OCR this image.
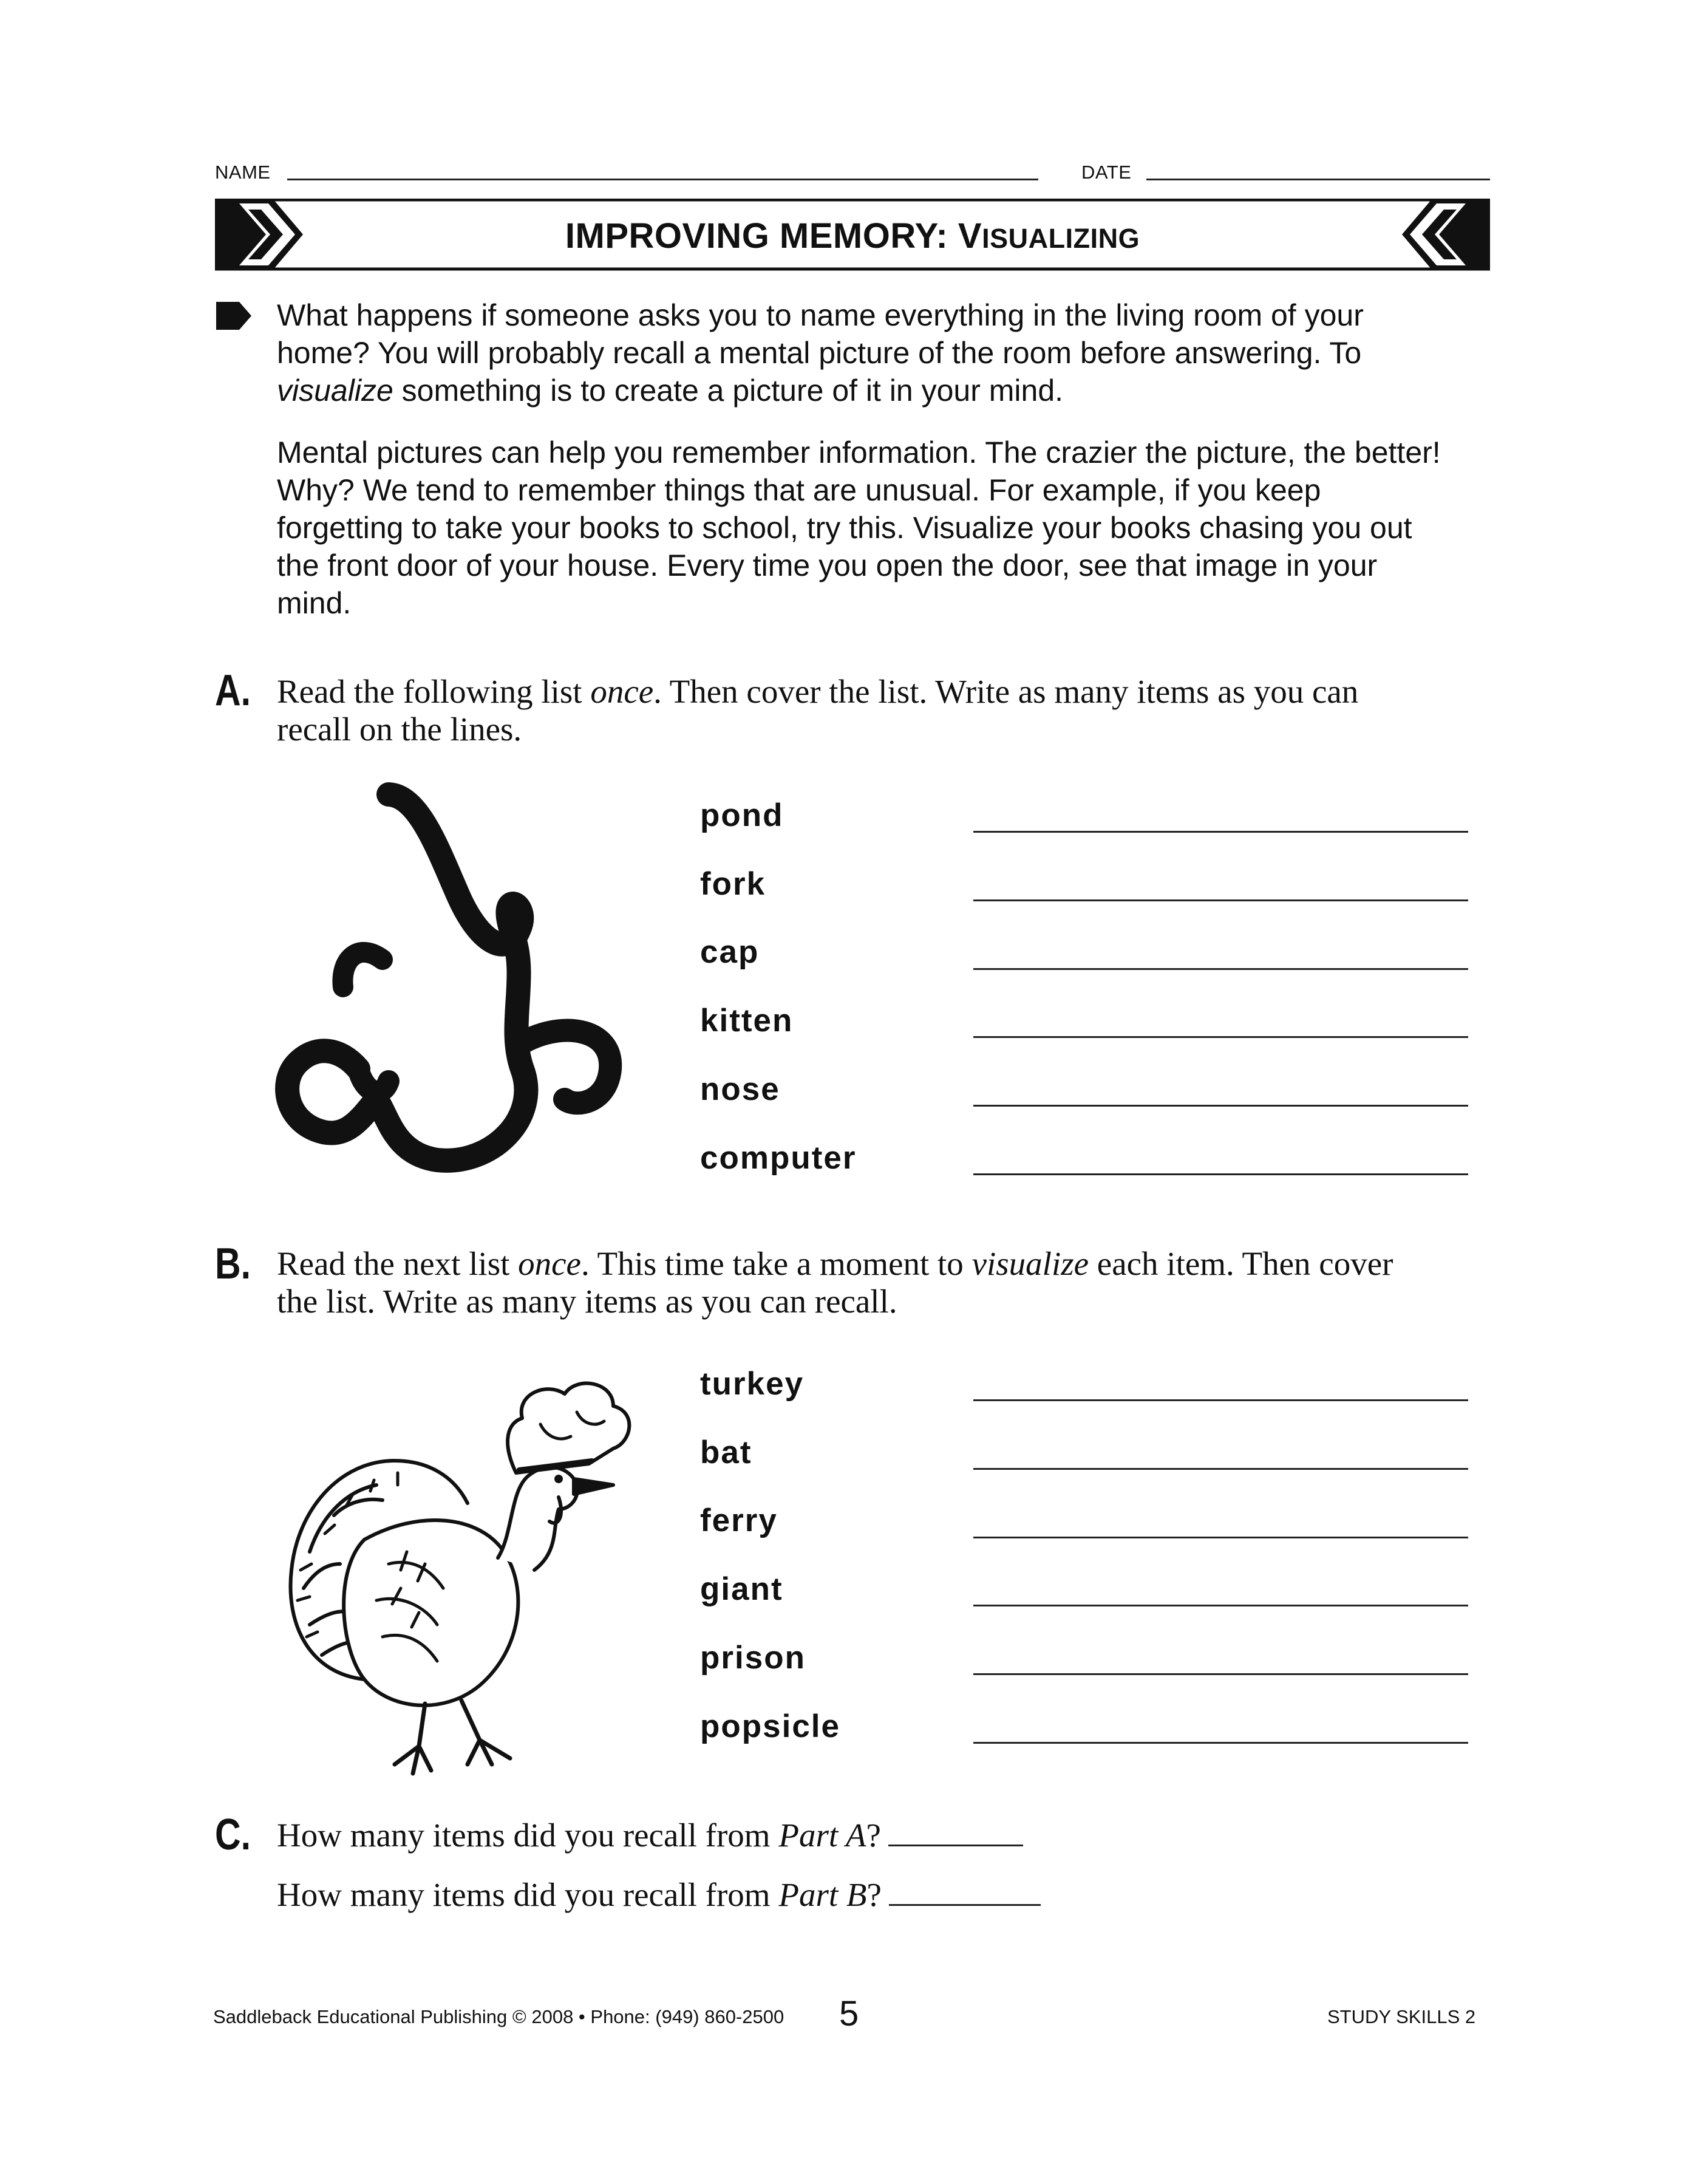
NAME	DATE
IMPROVING MEMORY: VISUALIZING
What happens if someone asks you to name everything in the living room of your home? You will probably recall a mental picture of the room before answering. To visualize something is to create a picture of it in your mind.
Mental pictures can help you remember information. The crazier the picture, the better! Why? We tend to remember things that are unusual. For example, if you keep forgetting to take your books to school, try this. Visualize your books chasing you out the front door of your house. Every time you open the door, see that image in your mind.
A. Read the following list once. Then cover the list. Write as many items as you can recall on the lines.
pond
fork
cap
kitten
nose
computer
B. Read the next list once. This time take a moment to visualize each item. Then cover the list. Write as many items as you can recall.
turkey
bat
ferry
giant
prison
popsicle
C. How many items did you recall from Part A?
How many items did you recall from Part B?
Saddleback Educational Publishing © 2008 • Phone: (949) 860-2500 5	STUDY SKILLS 2
